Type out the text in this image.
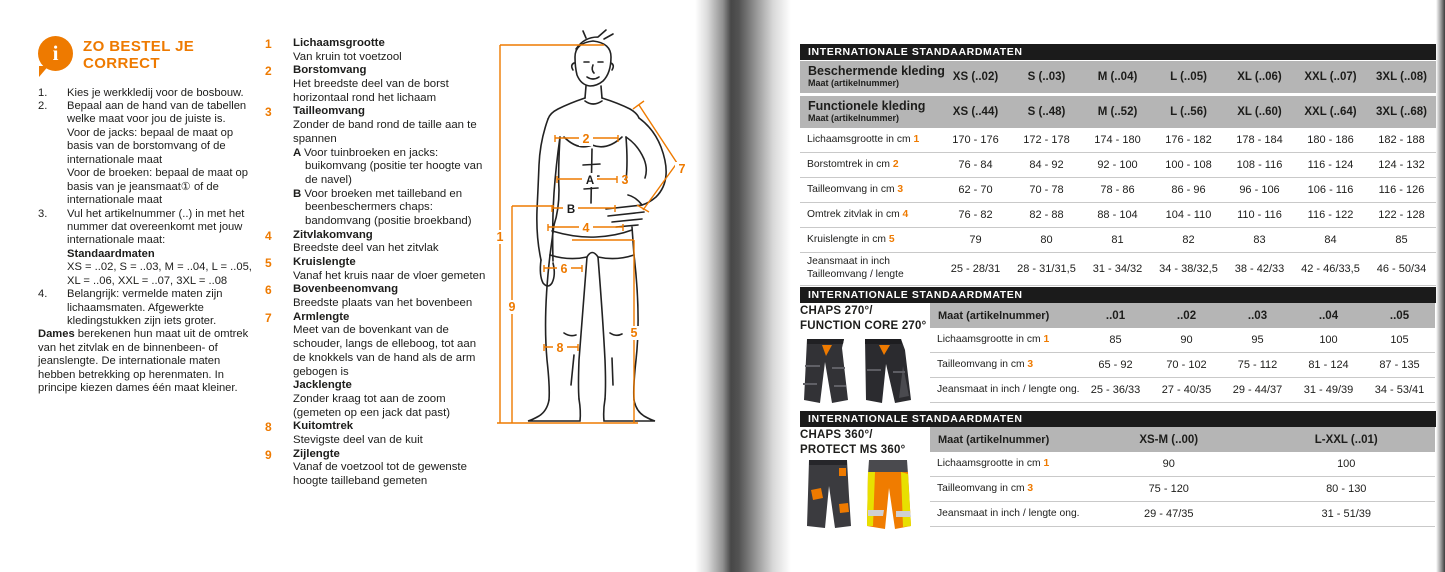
i ZO BESTEL JE
CORRECT
1.	Kies je werkkledij voor de bosbouw.
2.	Bepaal aan de hand van de tabellen welke maat voor jou de juiste is.
Voor de jacks: bepaal de maat op basis van de borstomvang of de internationale maat
Voor de broeken: bepaal de maat op basis van je jeansmaat① of de internationale maat
3.	Vul het artikelnummer (..) in met het nummer dat overeenkomt met jouw internationale maat:
Standaardmaten
XS = ..02, S = ..03, M = ..04, L = ..05, XL = ..06, XXL = ..07, 3XL = ..08
4.	Belangrijk: vermelde maten zijn lichaamsmaten. Afgewerkte kledingstukken zijn iets groter.

Dames berekenen hun maat uit de omtrek van het zitvlak en de binnenbeen- of jeanslengte. De internationale maten hebben betrekking op herenmaten. In principe kiezen dames één maat kleiner.

1	Lichaamsgrootte
Van kruin tot voetzool
2	Borstomvang
Het breedste deel van de borst horizontaal rond het lichaam
3	Tailleomvang
Zonder de band rond de taille aan te spannen
A Voor tuinbroeken en jacks: buikomvang (positie ter hoogte van de navel)
B Voor broeken met tailleband en beenbeschermers chaps: bandomvang (positie broekband)
4	Zitvlakomvang
Breedste deel van het zitvlak
5	Kruislengte
Vanaf het kruis naar de vloer gemeten
6	Bovenbeenomvang
Breedste plaats van het bovenbeen
7	Armlengte
Meet van de bovenkant van de schouder, langs de elleboog, tot aan de knokkels van de hand als de arm gebogen is
Jacklengte
Zonder kraag tot aan de zoom (gemeten op een jack dat past)
8	Kuitomtrek
Stevigste deel van de kuit
9	Zijlengte
Vanaf de voetzool tot de gewenste hoogte tailleband gemeten
1
2
3
4
5
6
7
8
9
A
B
INTERNATIONALE STANDAARDMATEN
Beschermende kleding
Maat (artikelnummer)	XS (..02)	S (..03)	M (..04)	L (..05)	XL (..06)	XXL (..07)	3XL (..08)
Functionele kleding
Maat (artikelnummer)	XS (..44)	S (..48)	M (..52)	L (..56)	XL (..60)	XXL (..64)	3XL (..68)
Lichaamsgrootte in cm 1	170 - 176	172 - 178	174 - 180	176 - 182	178 - 184	180 - 186	182 - 188
Borstomtrek in cm 2	76 - 84	84 - 92	92 - 100	100 - 108	108 - 116	116 - 124	124 - 132
Tailleomvang in cm 3	62 - 70	70 - 78	78 - 86	86 - 96	96 - 106	106 - 116	116 - 126
Omtrek zitvlak in cm 4	76 - 82	82 - 88	88 - 104	104 - 110	110 - 116	116 - 122	122 - 128
Kruislengte in cm 5	79	80	81	82	83	84	85
Jeansmaat in inch
Tailleomvang / lengte	25 - 28/31	28 - 31/31,5	31 - 34/32	34 - 38/32,5	38 - 42/33	42 - 46/33,5	46 - 50/34
INTERNATIONALE STANDAARDMATEN
CHAPS 270°/
FUNCTION CORE 270°
Maat (artikelnummer)	..01	..02	..03	..04	..05
Lichaamsgrootte in cm 1	85	90	95	100	105
Tailleomvang in cm 3	65 - 92	70 - 102	75 - 112	81 - 124	87 - 135
Jeansmaat in inch / lengte ong.	25 - 36/33	27 - 40/35	29 - 44/37	31 - 49/39	34 - 53/41
INTERNATIONALE STANDAARDMATEN
CHAPS 360°/
PROTECT MS 360°
Maat (artikelnummer)	XS-M (..00)	L-XXL (..01)
Lichaamsgrootte in cm 1	90	100
Tailleomvang in cm 3	75 - 120	80 - 130
Jeansmaat in inch / lengte ong.	29 - 47/35	31 - 51/39
